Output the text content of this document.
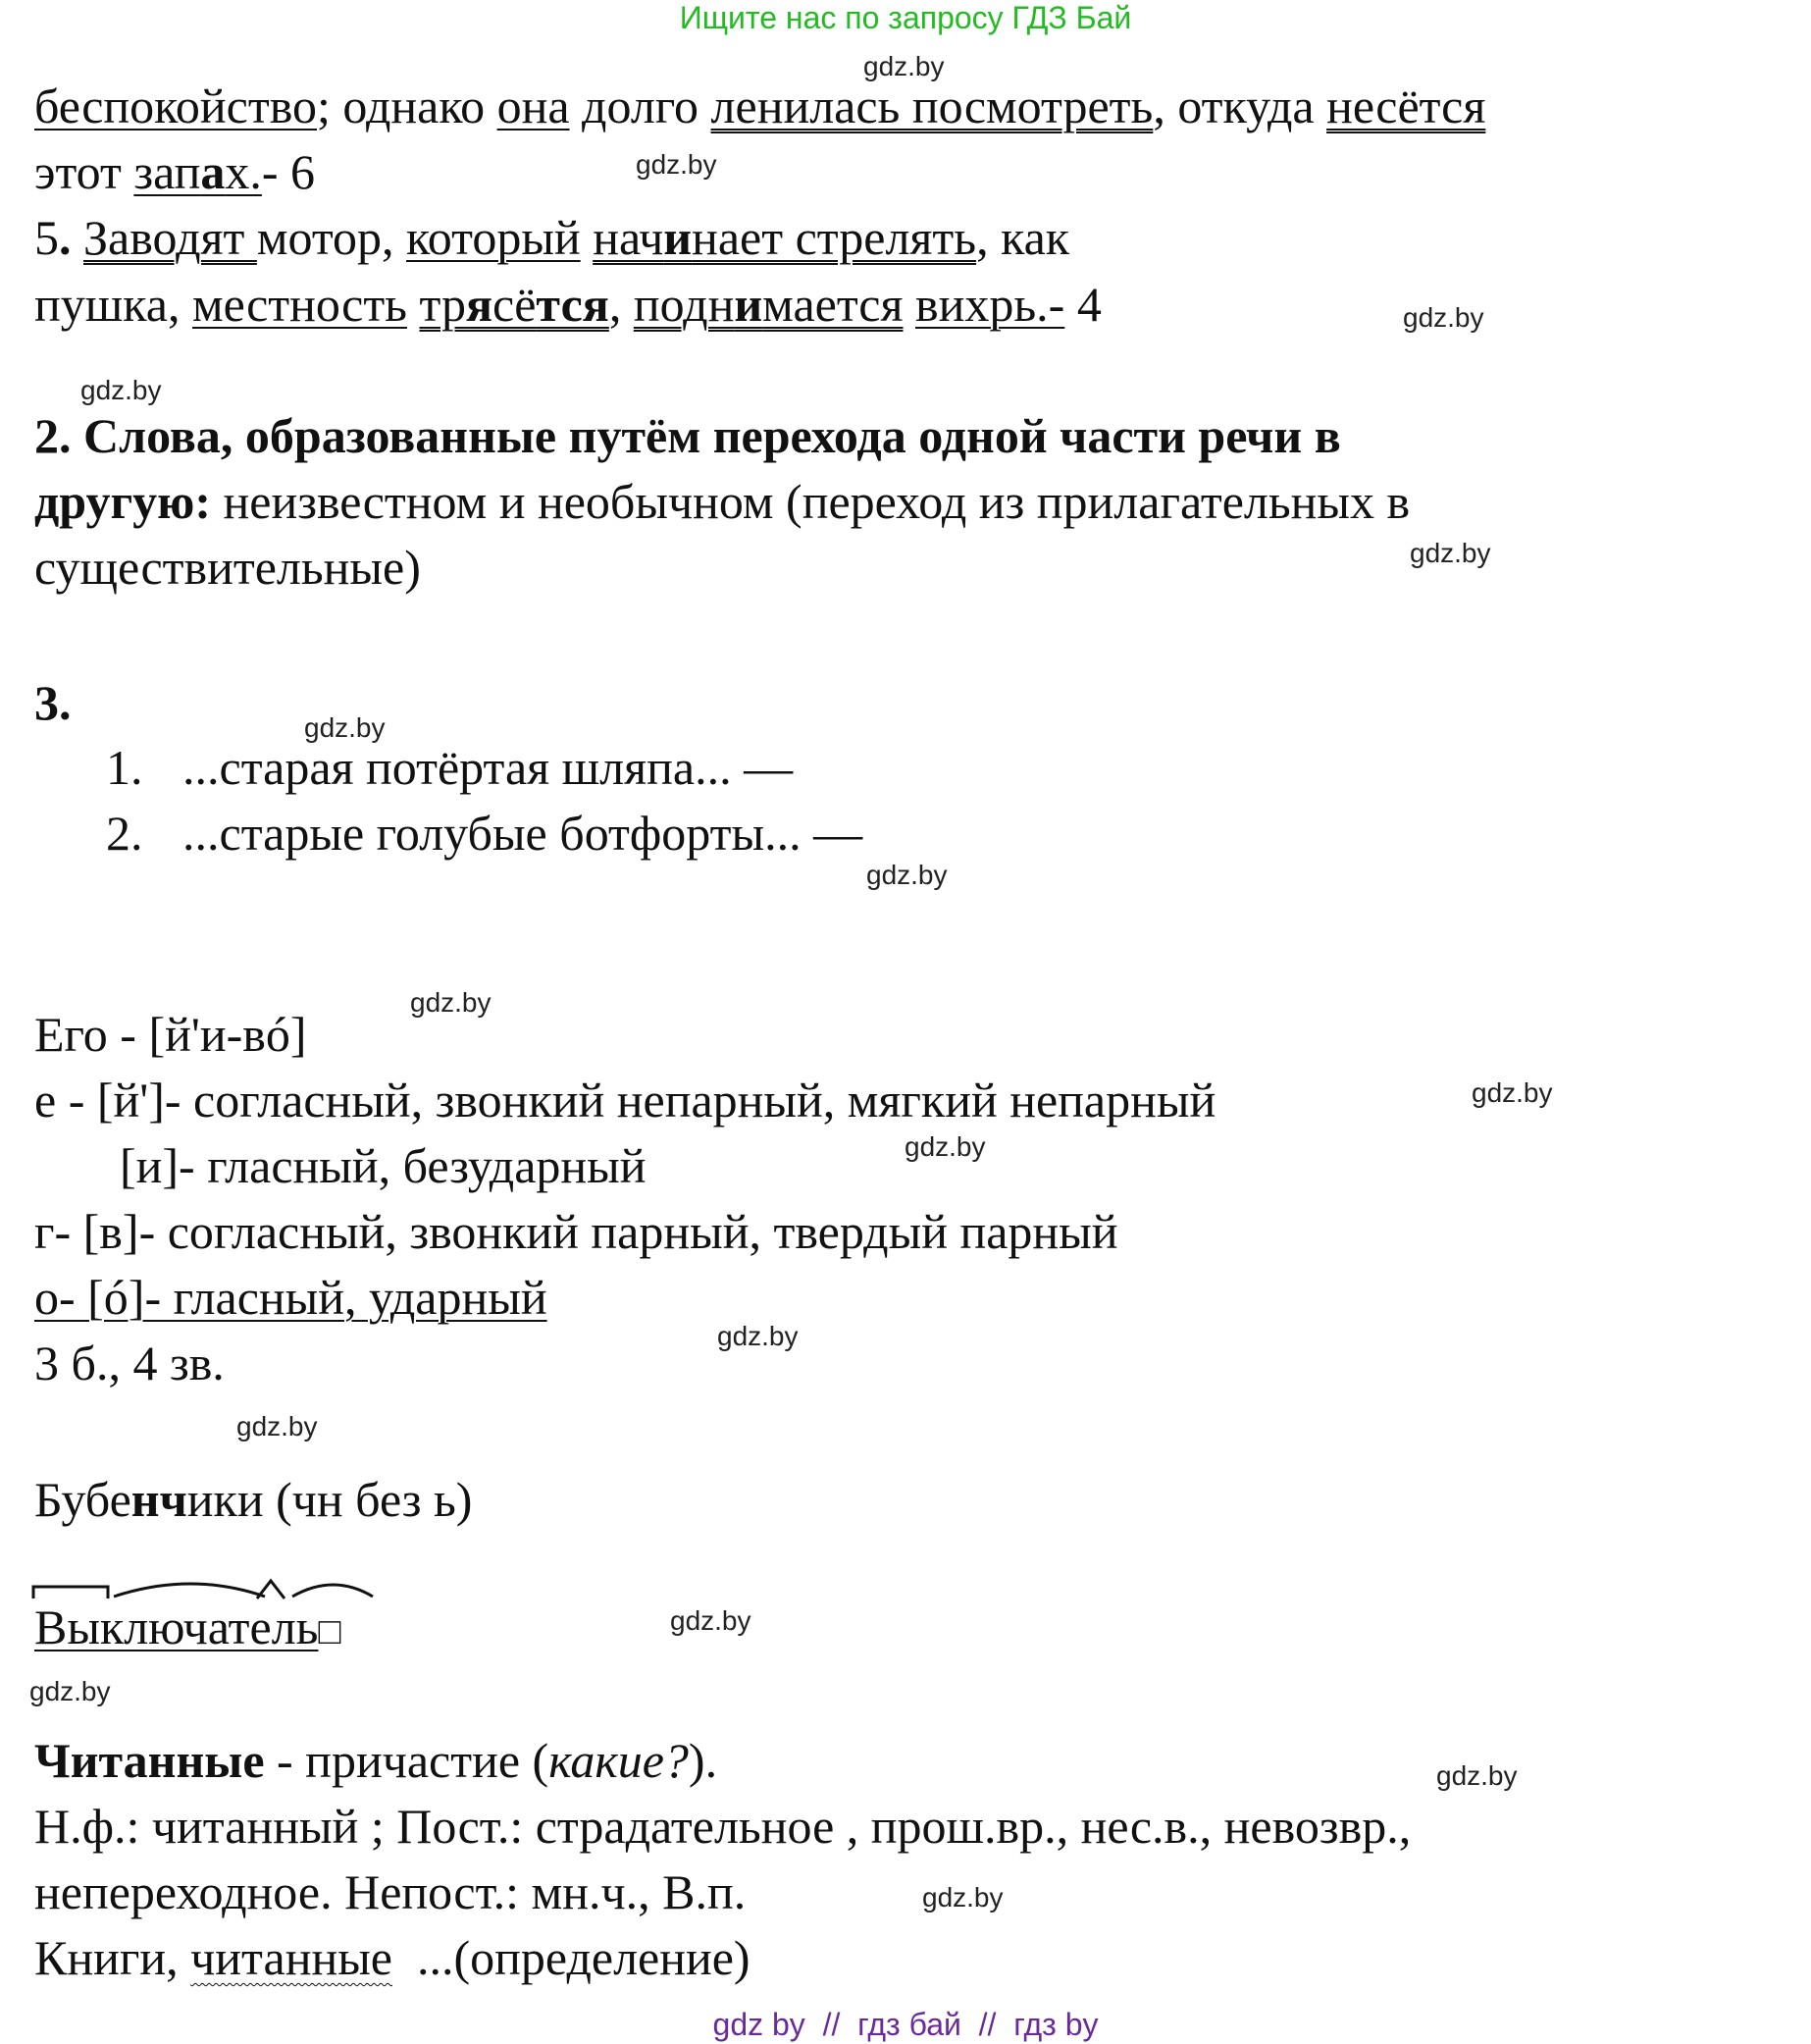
Ищите нас по запросу ГДЗ Бай
беспокойство; однако она долго ленилась посмотреть, откуда несётся
этот запах.- 6
5. Заводят мотор, который начинает стрелять, как
пушка, местность трясётся, поднимается вихрь.- 4
2. Слова, образованные путём перехода одной части речи в
другую: неизвестном и необычном (переход из прилагательных в
существительные)
3.
1. ...старая потёртая шляпа... —
2. ...старые голубые ботфорты... —
Его - [й'и-вó]
е - [й']- согласный, звонкий непарный, мягкий непарный
[и]- гласный, безударный
г- [в]- согласный, звонкий парный, твердый парный
о- [ó]- гласный, ударный
3 б., 4 зв.
Бубенчики (чн без ь)
Выключатель□
Читанные - причастие (какие?).
Н.ф.: читанный ; Пост.: страдательное , прош.вр., нес.в., невозвр.,
непереходное. Непост.: мн.ч., В.п.
Книги, читанные  ...(определение)
gdz.by
gdz.by
gdz.by
gdz.by
gdz.by
gdz.by
gdz.by
gdz.by
gdz.by
gdz.by
gdz.by
gdz.by
gdz.by
gdz.by
gdz.by
gdz.by
gdz by  //  гдз бай  //  гдз by
